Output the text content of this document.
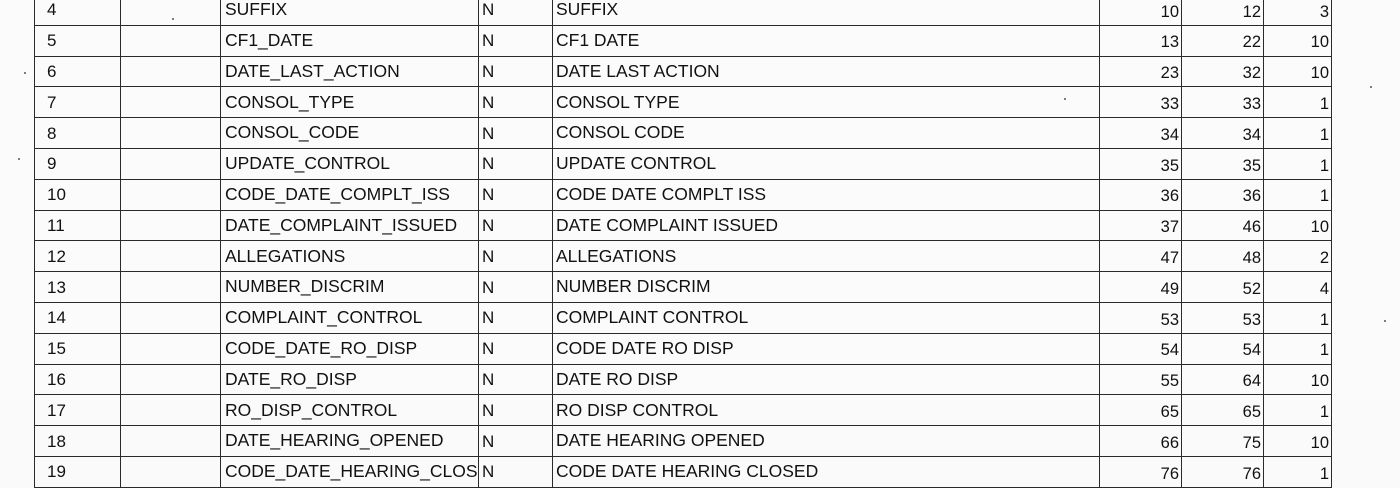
4		SUFFIX	N	SUFFIX	10	12	3
5		CF1_DATE	N	CF1 DATE	13	22	10
6		DATE_LAST_ACTION	N	DATE LAST ACTION	23	32	10
7		CONSOL_TYPE	N	CONSOL TYPE	33	33	1
8		CONSOL_CODE	N	CONSOL CODE	34	34	1
9		UPDATE_CONTROL	N	UPDATE CONTROL	35	35	1
10		CODE_DATE_COMPLT_ISS	N	CODE DATE COMPLT ISS	36	36	1
11		DATE_COMPLAINT_ISSUED	N	DATE COMPLAINT ISSUED	37	46	10
12		ALLEGATIONS	N	ALLEGATIONS	47	48	2
13		NUMBER_DISCRIM	N	NUMBER DISCRIM	49	52	4
14		COMPLAINT_CONTROL	N	COMPLAINT CONTROL	53	53	1
15		CODE_DATE_RO_DISP	N	CODE DATE RO DISP	54	54	1
16		DATE_RO_DISP	N	DATE RO DISP	55	64	10
17		RO_DISP_CONTROL	N	RO DISP CONTROL	65	65	1
18		DATE_HEARING_OPENED	N	DATE HEARING OPENED	66	75	10
19		CODE_DATE_HEARING_CLOS	N	CODE DATE HEARING CLOSED	76	76	1
